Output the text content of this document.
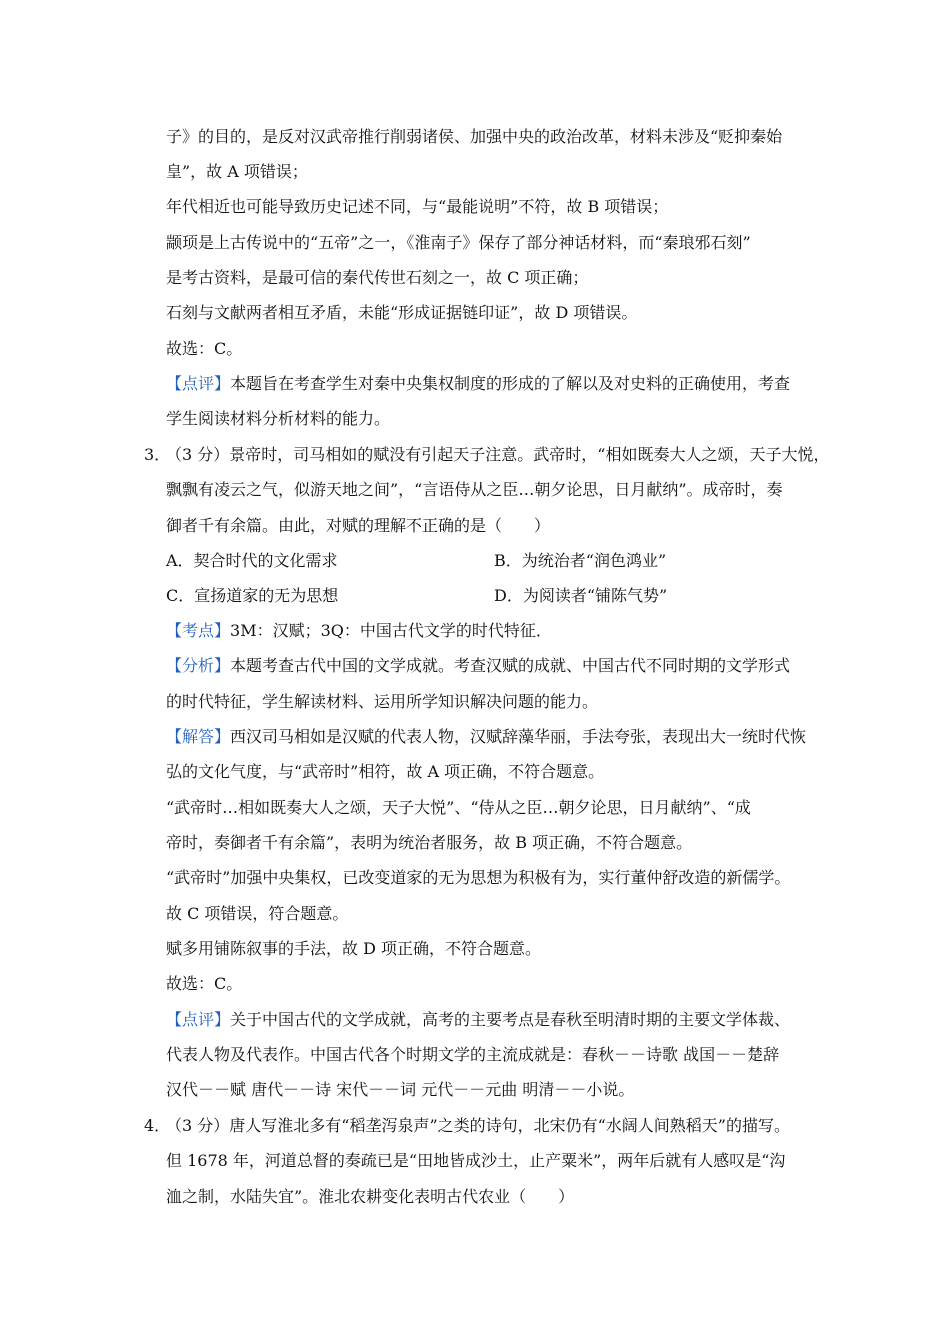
子》的目的，是反对汉武帝推行削弱诸侯、加强中央的政治改革，材料未涉及“贬抑秦始
皇”，故 A 项错误；
年代相近也可能导致历史记述不同，与“最能说明”不符，故 B 项错误；
颛顼是上古传说中的“五帝”之一，《淮南子》保存了部分神话材料，而“秦琅邪石刻”
是考古资料，是最可信的秦代传世石刻之一，故 C 项正确；
石刻与文献两者相互矛盾，未能“形成证据链印证”，故 D 项错误。
故选：C。
【点评】本题旨在考查学生对秦中央集权制度的形成的了解以及对史料的正确使用，考查
学生阅读材料分析材料的能力。
3．
（3 分）景帝时，司马相如的赋没有引起天子注意。武帝时，“相如既奏大人之颂，天子大悦，
飘飘有凌云之气，似游天地之间”，“言语侍从之臣…朝夕论思，日月献纳”。成帝时，奏
御者千有余篇。由此，对赋的理解不正确的是（　　）
A．契合时代的文化需求	B．为统治者“润色鸿业”
C．宣扬道家的无为思想	D．为阅读者“铺陈气势”
【考点】3M：汉赋；3Q：中国古代文学的时代特征．
【分析】本题考查古代中国的文学成就。考查汉赋的成就、中国古代不同时期的文学形式
的时代特征，学生解读材料、运用所学知识解决问题的能力。
【解答】西汉司马相如是汉赋的代表人物，汉赋辞藻华丽，手法夸张，表现出大一统时代恢
弘的文化气度，与“武帝时”相符，故 A 项正确，不符合题意。
“武帝时…相如既奏大人之颂，天子大悦”、“侍从之臣…朝夕论思，日月献纳”、“成
帝时，奏御者千有余篇”，表明为统治者服务，故 B 项正确，不符合题意。
“武帝时”加强中央集权，已改变道家的无为思想为积极有为，实行董仲舒改造的新儒学。
故 C 项错误，符合题意。
赋多用铺陈叙事的手法，故 D 项正确，不符合题意。
故选：C。
【点评】关于中国古代的文学成就，高考的主要考点是春秋至明清时期的主要文学体裁、
代表人物及代表作。中国古代各个时期文学的主流成就是：春秋－－诗歌 战国－－楚辞
汉代－－赋 唐代－－诗 宋代－－词 元代－－元曲 明清－－小说。
4．
（3 分）唐人写淮北多有“稻垄泻泉声”之类的诗句，北宋仍有“水阔人间熟稻天”的描写。
但 1678 年，河道总督的奏疏已是“田地皆成沙土，止产粟米”，两年后就有人感叹是“沟
洫之制，水陆失宜”。淮北农耕变化表明古代农业（　　）
